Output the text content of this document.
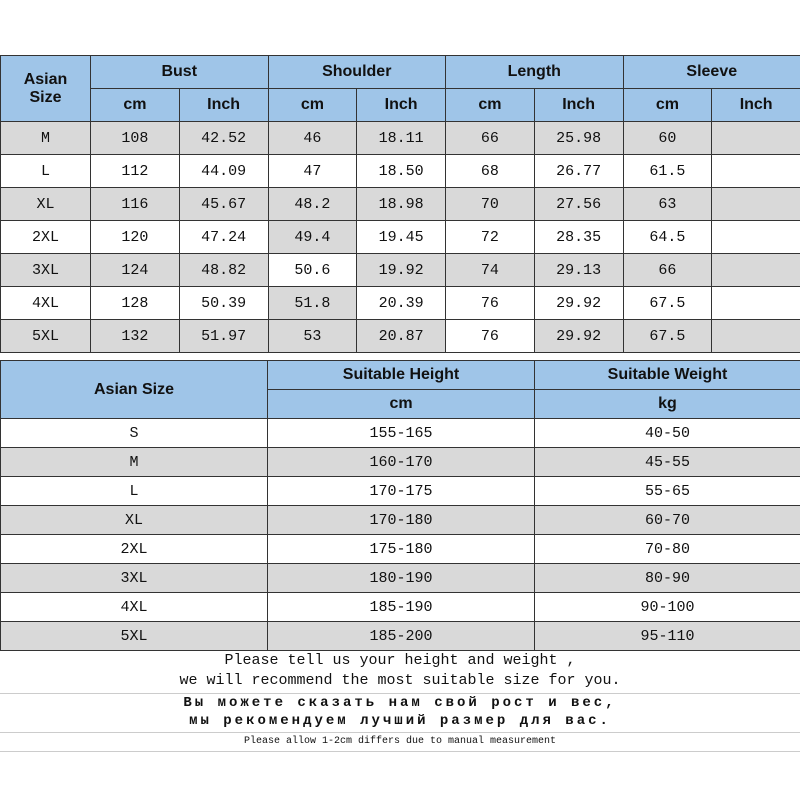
Asian Size	Bust		Shoulder		Length		Sleeve	
	cm	Inch	cm	Inch	cm	Inch	cm	Inch
M	108	42.52	46	18.11	66	25.98	60	
L	112	44.09	47	18.50	68	26.77	61.5	
XL	116	45.67	48.2	18.98	70	27.56	63	
2XL	120	47.24	49.4	19.45	72	28.35	64.5	
3XL	124	48.82	50.6	19.92	74	29.13	66	
4XL	128	50.39	51.8	20.39	76	29.92	67.5	
5XL	132	51.97	53	20.87	76	29.92	67.5	
Asian Size	Suitable Height	Suitable Weight
	cm	kg
S	155-165	40-50
M	160-170	45-55
L	170-175	55-65
XL	170-180	60-70
2XL	175-180	70-80
3XL	180-190	80-90
4XL	185-190	90-100
5XL	185-200	95-110
Please tell us your height and weight ,
we will recommend the most suitable size for you.
Вы можете сказать нам свой рост и вес,
мы рекомендуем лучший размер для вас.
Please allow 1-2cm differs due to manual measurement
